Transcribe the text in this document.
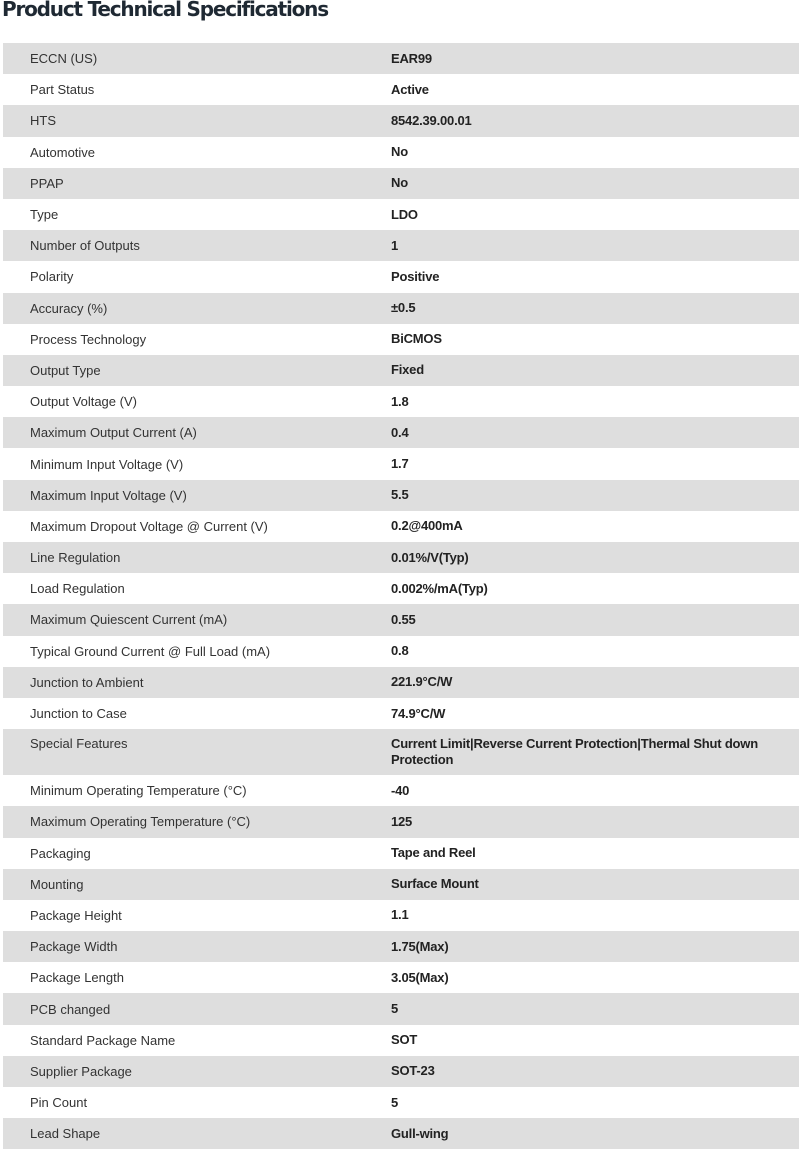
Product Technical Specifications
ECCN (US)	EAR99
Part Status	Active
HTS	8542.39.00.01
Automotive	No
PPAP	No
Type	LDO
Number of Outputs	1
Polarity	Positive
Accuracy (%)	±0.5
Process Technology	BiCMOS
Output Type	Fixed
Output Voltage (V)	1.8
Maximum Output Current (A)	0.4
Minimum Input Voltage (V)	1.7
Maximum Input Voltage (V)	5.5
Maximum Dropout Voltage @ Current (V)	0.2@400mA
Line Regulation	0.01%/V(Typ)
Load Regulation	0.002%/mA(Typ)
Maximum Quiescent Current (mA)	0.55
Typical Ground Current @ Full Load (mA)	0.8
Junction to Ambient	221.9°C/W
Junction to Case	74.9°C/W
Special Features	Current Limit|Reverse Current Protection|Thermal Shut down Protection
Minimum Operating Temperature (°C)	-40
Maximum Operating Temperature (°C)	125
Packaging	Tape and Reel
Mounting	Surface Mount
Package Height	1.1
Package Width	1.75(Max)
Package Length	3.05(Max)
PCB changed	5
Standard Package Name	SOT
Supplier Package	SOT-23
Pin Count	5
Lead Shape	Gull-wing
